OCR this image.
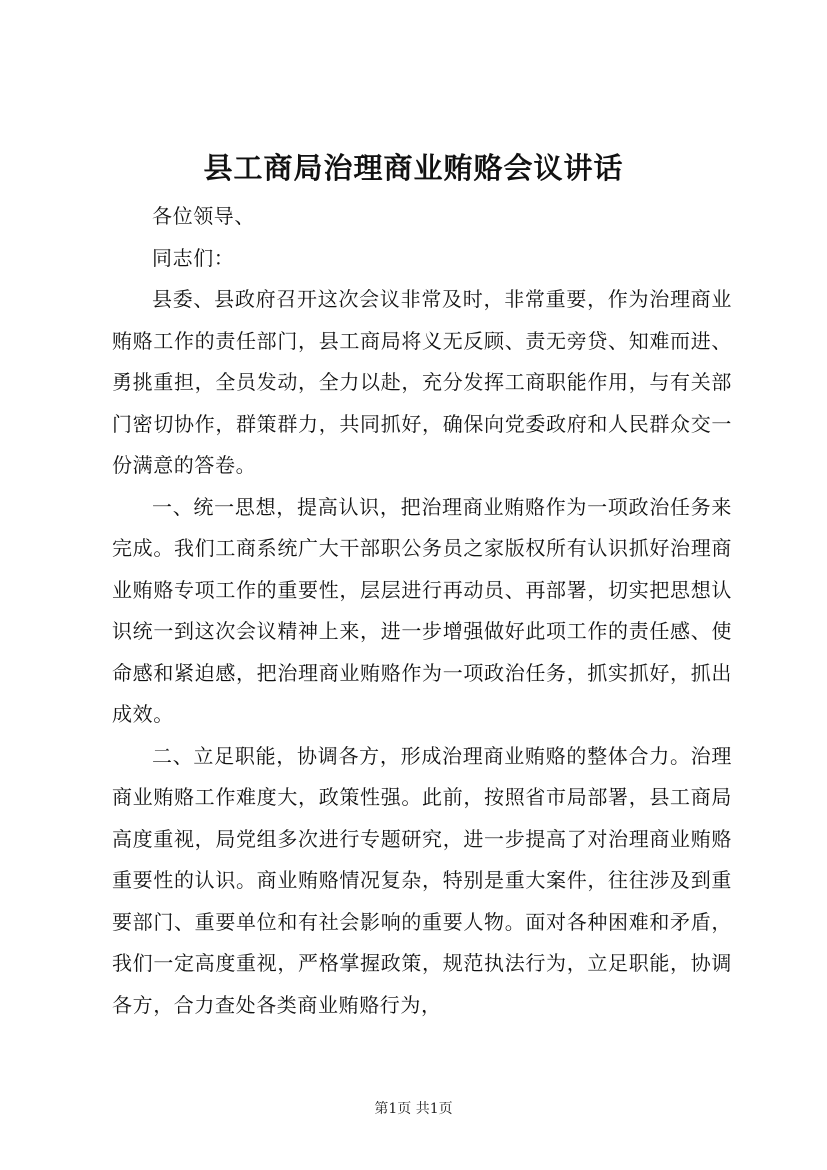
县工商局治理商业贿赂会议讲话

各位领导、

同志们：

县委、县政府召开这次会议非常及时，非常重要，作为治理商业贿赂工作的责任部门，县工商局将义无反顾、责无旁贷、知难而进、勇挑重担，全员发动，全力以赴，充分发挥工商职能作用，与有关部门密切协作，群策群力，共同抓好，确保向党委政府和人民群众交一份满意的答卷。

一、统一思想，提高认识，把治理商业贿赂作为一项政治任务来完成。我们工商系统广大干部职公务员之家版权所有认识抓好治理商业贿赂专项工作的重要性，层层进行再动员、再部署，切实把思想认识统一到这次会议精神上来，进一步增强做好此项工作的责任感、使命感和紧迫感，把治理商业贿赂作为一项政治任务，抓实抓好，抓出成效。

二、立足职能，协调各方，形成治理商业贿赂的整体合力。治理商业贿赂工作难度大，政策性强。此前，按照省市局部署，县工商局高度重视，局党组多次进行专题研究，进一步提高了对治理商业贿赂重要性的认识。商业贿赂情况复杂，特别是重大案件，往往涉及到重要部门、重要单位和有社会影响的重要人物。面对各种困难和矛盾，我们一定高度重视，严格掌握政策，规范执法行为，立足职能，协调各方，合力查处各类商业贿赂行为，

第1页 共1页
